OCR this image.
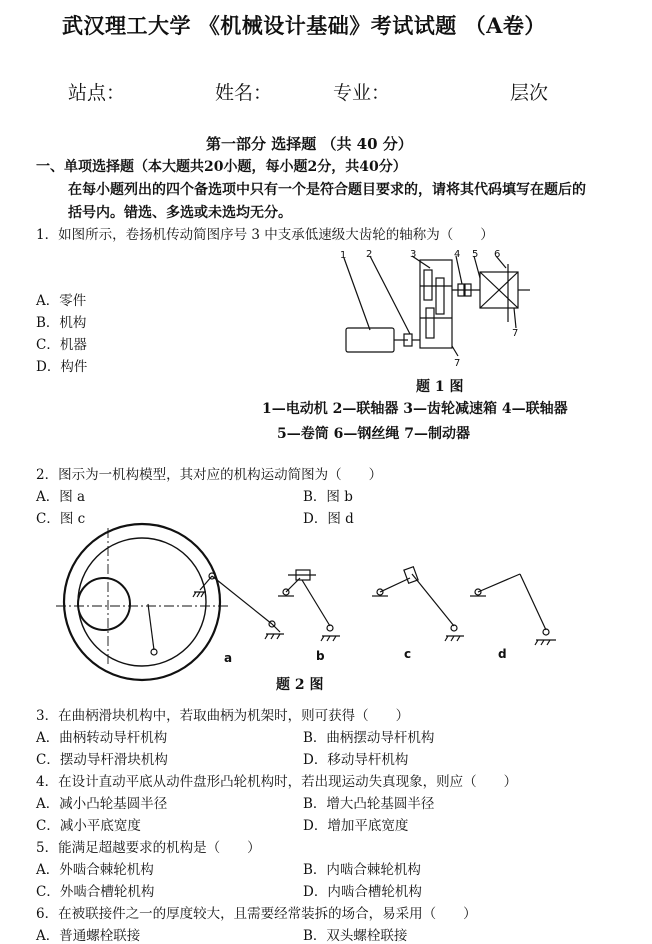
武汉理工大学 《机械设计基础》考试试题 （A卷）
站点：	姓名：	专业：	层次
第一部分 选择题 （共 40 分）
一、单项选择题（本大题共20小题，每小题2分，共40分）
在每小题列出的四个备选项中只有一个是符合题目要求的，请将其代码填写在题后的
括号内。错选、多选或未选均无分。
1．如图所示，卷扬机传动简图序号 3 中支承低速级大齿轮的轴称为（　　）
A．零件
B．机构
C．机器
D．构件
1 2	3	4 5 6
7
7
题 1 图
1—电动机 2—联轴器 3—齿轮减速箱 4—联轴器
5—卷筒 6—钢丝绳 7—制动器
2．图示为一机构模型，其对应的机构运动简图为（　　）
A．图 a	B．图 b
C．图 c	D．图 d
a	b	c	d
题 2 图
3．在曲柄滑块机构中，若取曲柄为机架时，则可获得（　　）
A．曲柄转动导杆机构	B．曲柄摆动导杆机构
C．摆动导杆滑块机构	D．移动导杆机构
4．在设计直动平底从动件盘形凸轮机构时，若出现运动失真现象，则应（　　）
A．减小凸轮基圆半径	B．增大凸轮基圆半径
C．减小平底宽度	D．增加平底宽度
5．能满足超越要求的机构是（　　）
A．外啮合棘轮机构	B．内啮合棘轮机构
C．外啮合槽轮机构	D．内啮合槽轮机构
6．在被联接件之一的厚度较大，且需要经常装拆的场合，易采用（　　）
A．普通螺栓联接	B．双头螺栓联接
